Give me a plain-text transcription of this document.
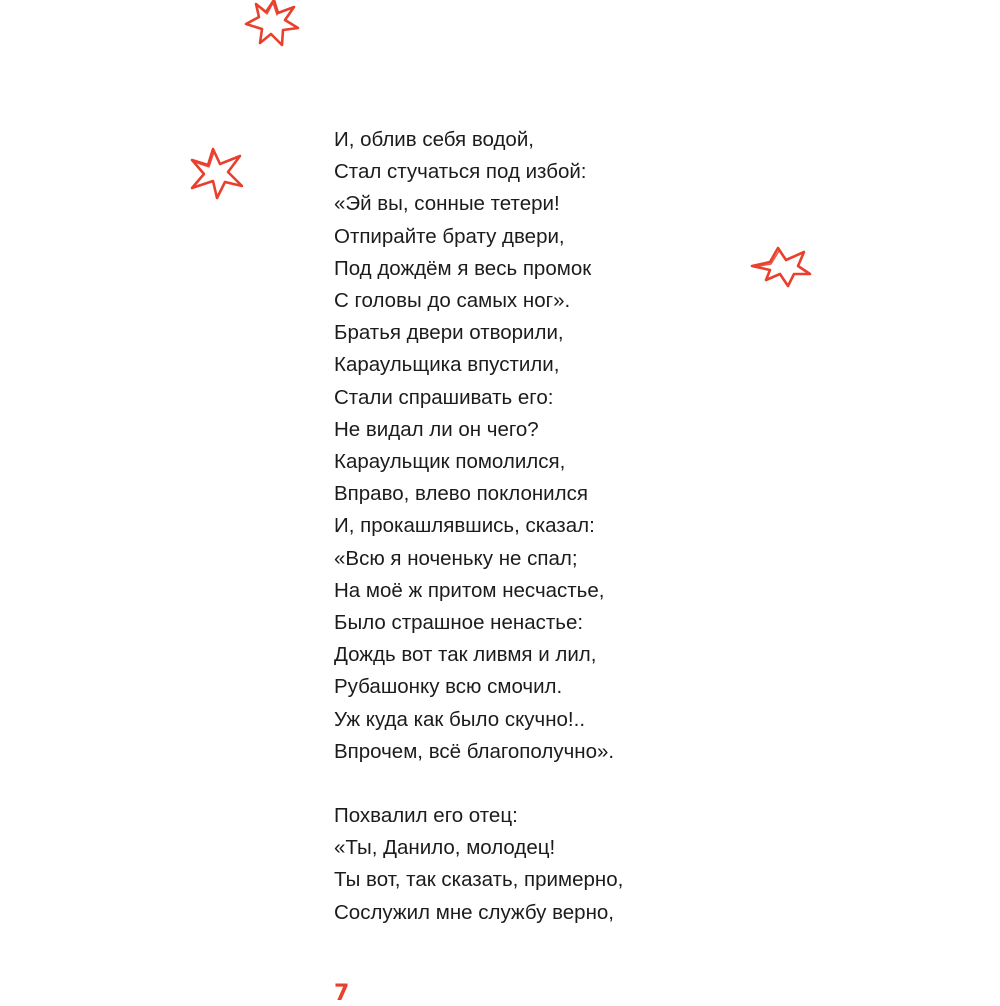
И, облив себя водой,
Стал стучаться под избой:
«Эй вы, сонные тетери!
Отпирайте брату двери,
Под дождём я весь промок
С головы до самых ног».
Братья двери отворили,
Караульщика впустили,
Стали спрашивать его:
Не видал ли он чего?
Караульщик помолился,
Вправо, влево поклонился
И, прокашлявшись, сказал:
«Всю я ноченьку не спал;
На моё ж притом несчастье,
Было страшное ненастье:
Дождь вот так ливмя и лил,
Рубашонку всю смочил.
Уж куда как было скучно!..
Впрочем, всё благополучно».

Похвалил его отец:
«Ты, Данило, молодец!
Ты вот, так сказать, примерно,
Сослужил мне службу верно,

7
